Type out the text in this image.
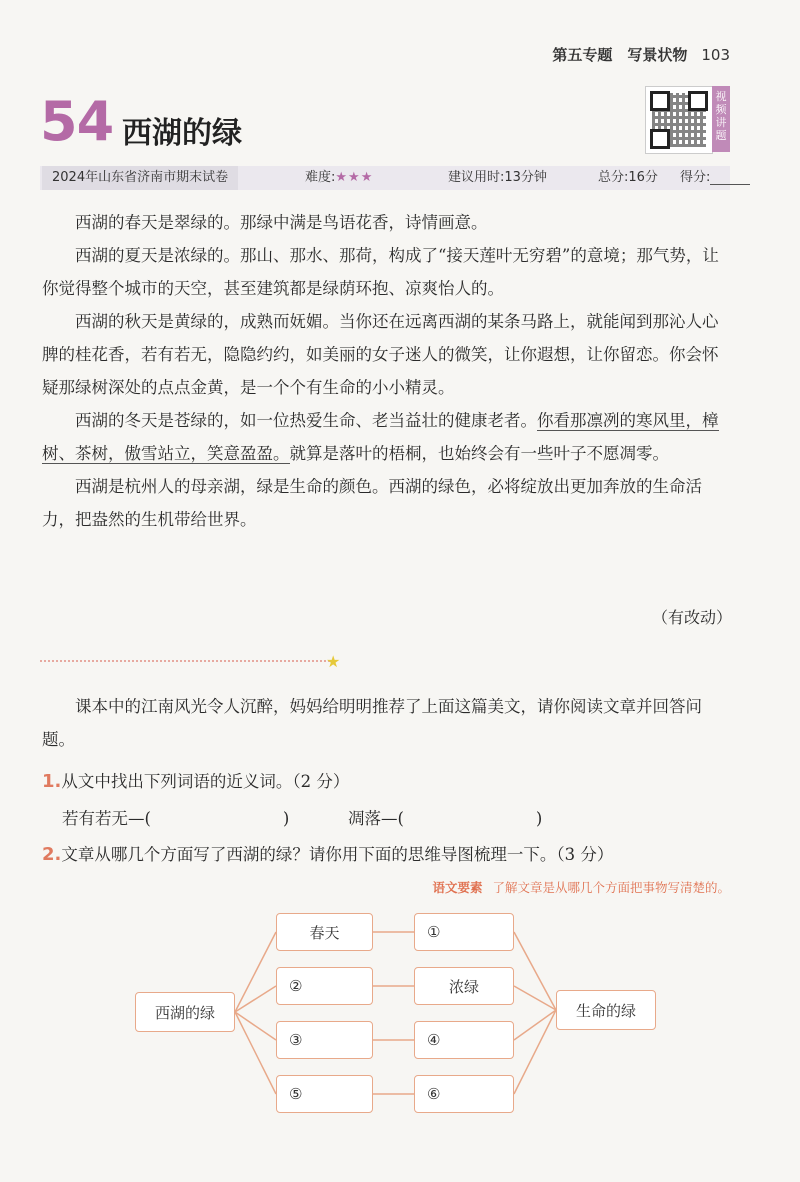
第五专题　写景状物 103
54 西湖的绿
视频讲题
2024年山东省济南市期末试卷	难度:★★★	建议用时:13分钟	总分:16分 得分:

西湖的春天是翠绿的。那绿中满是鸟语花香，诗情画意。

西湖的夏天是浓绿的。那山、那水、那荷，构成了“接天莲叶无穷碧”的意境；那气势，让你觉得整个城市的天空，甚至建筑都是绿荫环抱、凉爽怡人的。

西湖的秋天是黄绿的，成熟而妩媚。当你还在远离西湖的某条马路上，就能闻到那沁人心脾的桂花香，若有若无，隐隐约约，如美丽的女子迷人的微笑，让你遐想，让你留恋。你会怀疑那绿树深处的点点金黄，是一个个有生命的小小精灵。

西湖的冬天是苍绿的，如一位热爱生命、老当益壮的健康老者。你看那凛冽的寒风里，樟树、茶树，傲雪站立，笑意盈盈。就算是落叶的梧桐，也始终会有一些叶子不愿凋零。

西湖是杭州人的母亲湖，绿是生命的颜色。西湖的绿色，必将绽放出更加奔放的生命活力，把盎然的生机带给世界。

（有改动）
★

课本中的江南风光令人沉醉，妈妈给明明推荐了上面这篇美文，请你阅读文章并回答问题。

1.从文中找出下列词语的近义词。（2 分）
若有若无—(　　　　　　　　)	凋落—(　　　　　　　　)
2.文章从哪几个方面写了西湖的绿？请你用下面的思维导图梳理一下。（3 分）
语文要素 了解文章是从哪几个方面把事物写清楚的。
西湖的绿
春天
②
③
⑤
①
浓绿
④
⑥
生命的绿
